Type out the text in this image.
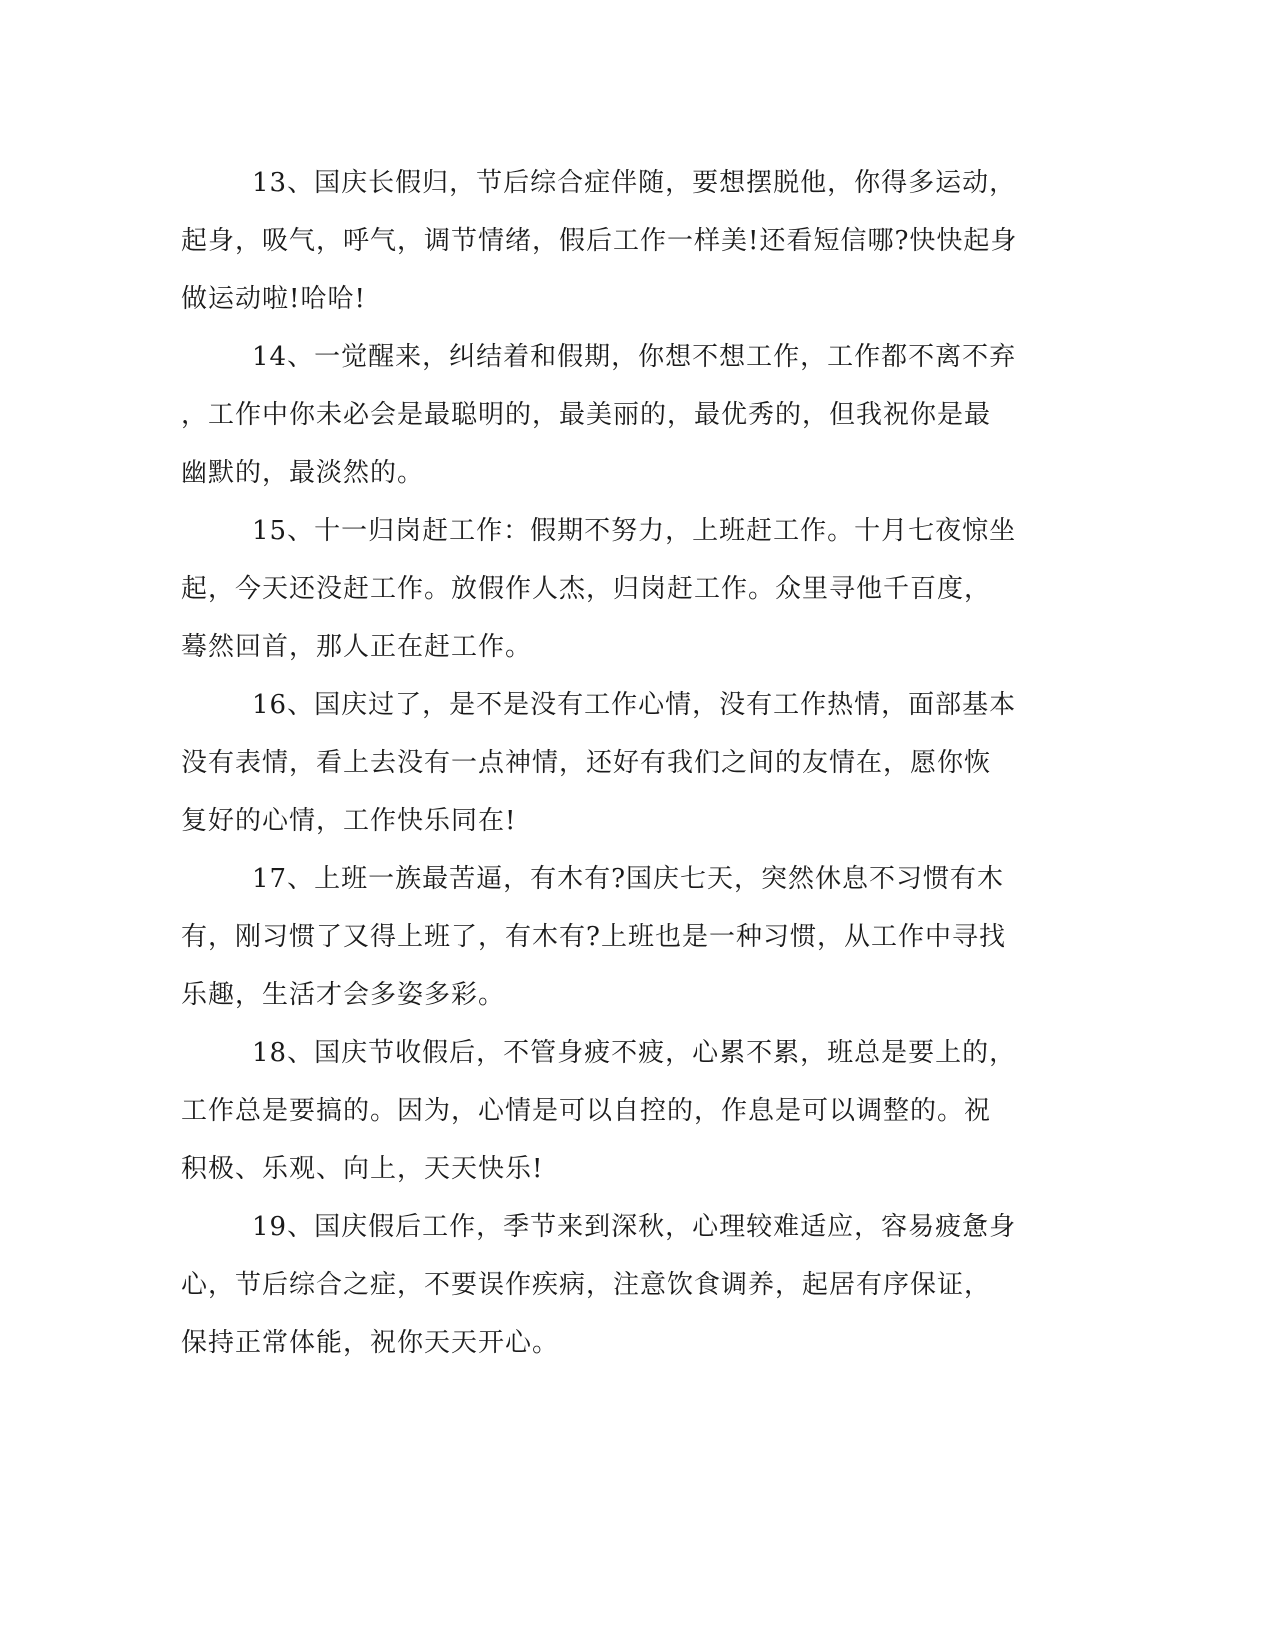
13、国庆长假归，节后综合症伴随，要想摆脱他，你得多运动，
起身，吸气，呼气，调节情绪，假后工作一样美!还看短信哪?快快起身
做运动啦!哈哈!
14、一觉醒来，纠结着和假期，你想不想工作，工作都不离不弃
，工作中你未必会是最聪明的，最美丽的，最优秀的，但我祝你是最
幽默的，最淡然的。
15、十一归岗赶工作：假期不努力，上班赶工作。十月七夜惊坐
起，今天还没赶工作。放假作人杰，归岗赶工作。众里寻他千百度，
蓦然回首，那人正在赶工作。
16、国庆过了，是不是没有工作心情，没有工作热情，面部基本
没有表情，看上去没有一点神情，还好有我们之间的友情在，愿你恢
复好的心情，工作快乐同在!
17、上班一族最苦逼，有木有?国庆七天，突然休息不习惯有木
有，刚习惯了又得上班了，有木有?上班也是一种习惯，从工作中寻找
乐趣，生活才会多姿多彩。
18、国庆节收假后，不管身疲不疲，心累不累，班总是要上的，
工作总是要搞的。因为，心情是可以自控的，作息是可以调整的。祝
积极、乐观、向上，天天快乐!
19、国庆假后工作，季节来到深秋，心理较难适应，容易疲惫身
心，节后综合之症，不要误作疾病，注意饮食调养，起居有序保证，
保持正常体能，祝你天天开心。
